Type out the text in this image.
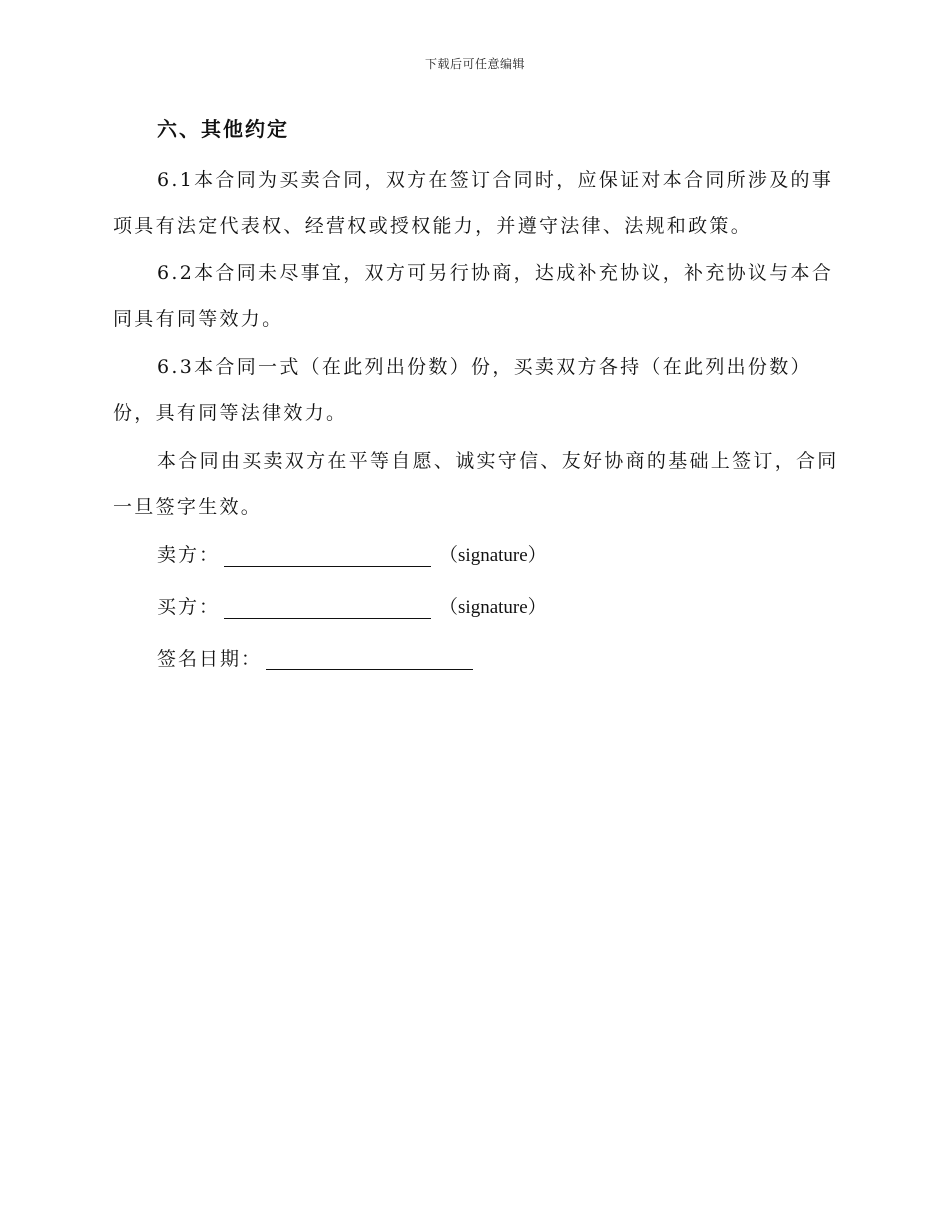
下载后可任意编辑
六、其他约定

6.1本合同为买卖合同，双方在签订合同时，应保证对本合同所涉及的事项具有法定代表权、经营权或授权能力，并遵守法律、法规和政策。

6.2本合同未尽事宜，双方可另行协商，达成补充协议，补充协议与本合同具有同等效力。

6.3本合同一式（在此列出份数）份，买卖双方各持（在此列出份数）份，具有同等法律效力。

本合同由买卖双方在平等自愿、诚实守信、友好协商的基础上签订，合同一旦签字生效。

卖方：	（signature）
买方：	（signature）
签名日期：
